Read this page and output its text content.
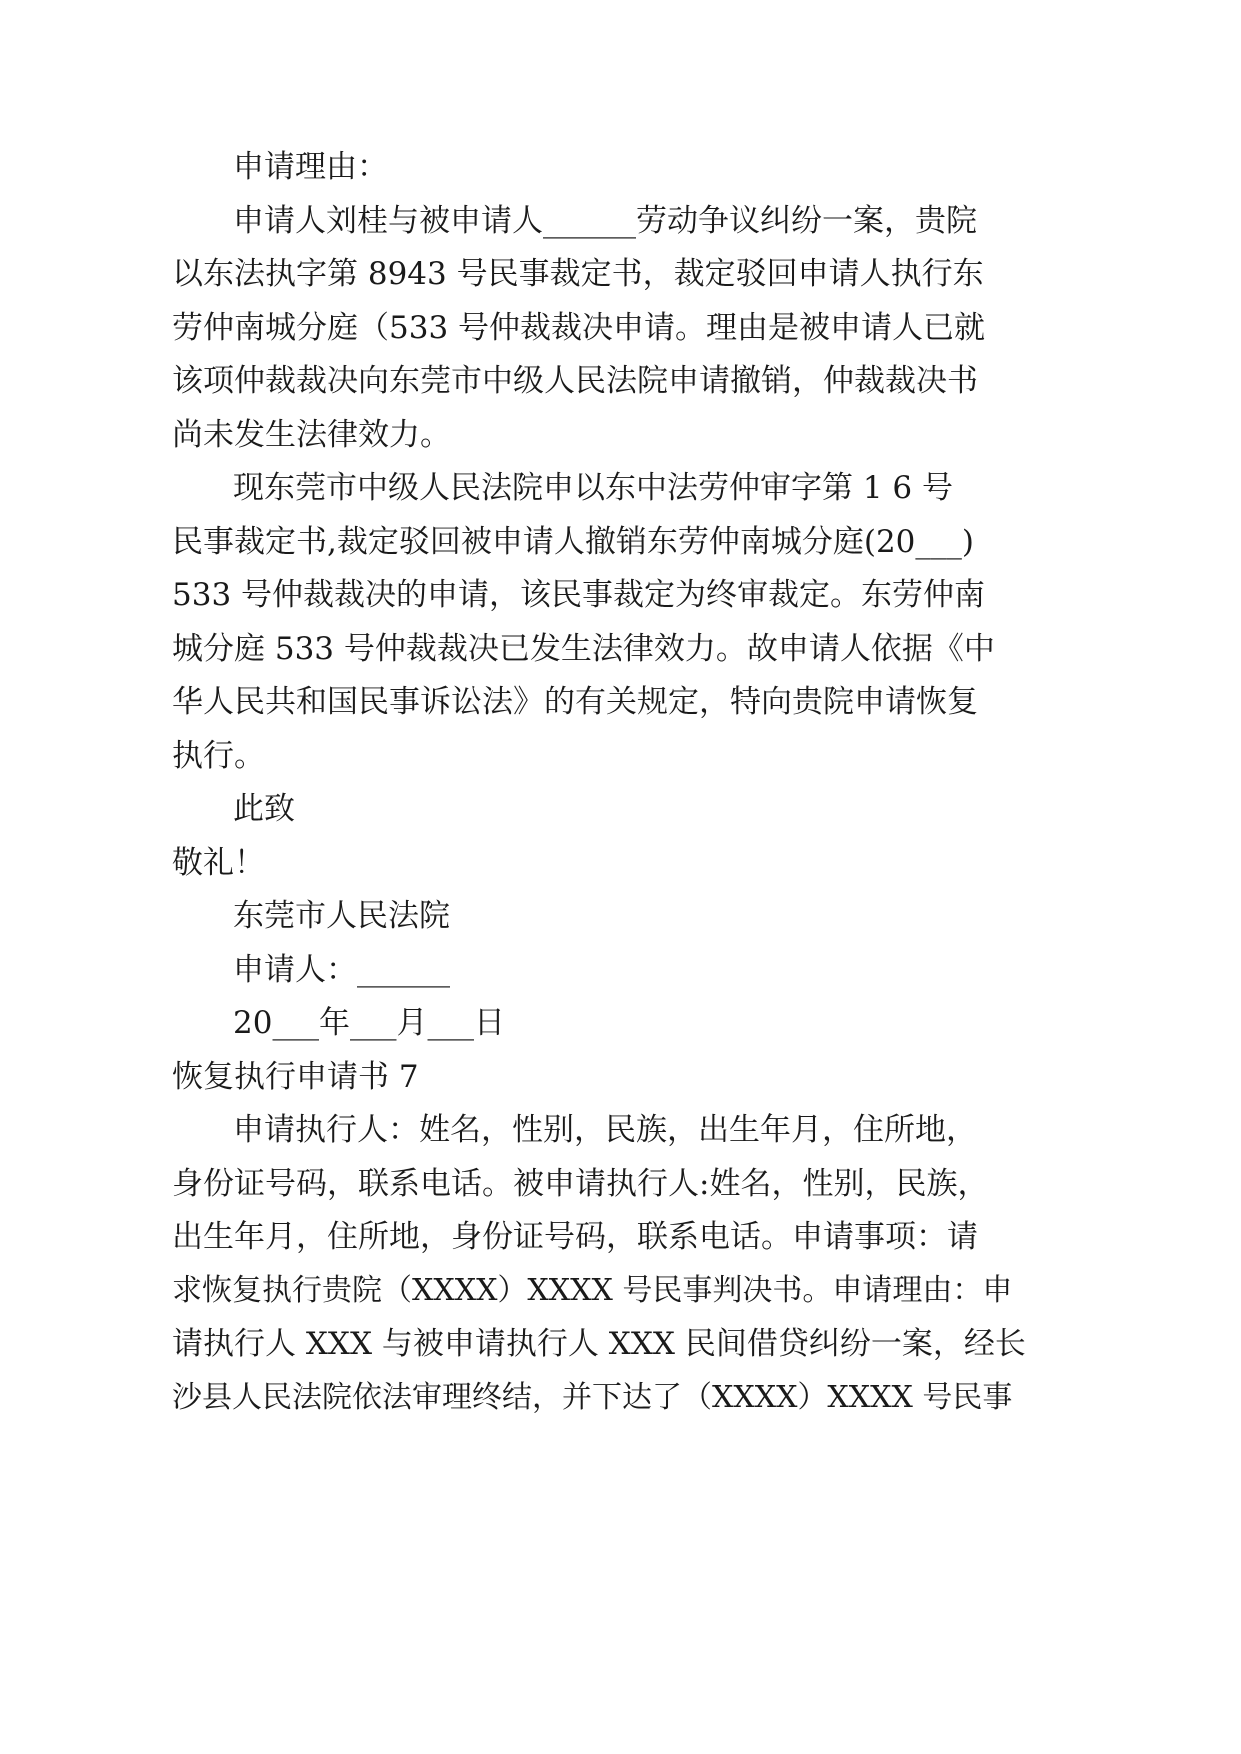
申请理由：

申请人刘桂与被申请人______劳动争议纠纷一案，贵院

以东法执字第 8943 号民事裁定书，裁定驳回申请人执行东

劳仲南城分庭（533 号仲裁裁决申请。理由是被申请人已就

该项仲裁裁决向东莞市中级人民法院申请撤销，仲裁裁决书

尚未发生法律效力。

现东莞市中级人民法院申以东中法劳仲审字第 1 6 号

民事裁定书,裁定驳回被申请人撤销东劳仲南城分庭(20___)

533 号仲裁裁决的申请，该民事裁定为终审裁定。东劳仲南

城分庭 533 号仲裁裁决已发生法律效力。故申请人依据《中

华人民共和国民事诉讼法》的有关规定，特向贵院申请恢复

执行。

此致

敬礼！

东莞市人民法院

申请人：______

20___年___月___日

恢复执行申请书 7

申请执行人：姓名，性别，民族，出生年月，住所地，

身份证号码，联系电话。被申请执行人:姓名，性别，民族，

出生年月，住所地，身份证号码，联系电话。申请事项：请

求恢复执行贵院（XXXX）XXXX 号民事判决书。申请理由：申

请执行人 XXX 与被申请执行人 XXX 民间借贷纠纷一案，经长

沙县人民法院依法审理终结，并下达了（XXXX）XXXX 号民事
